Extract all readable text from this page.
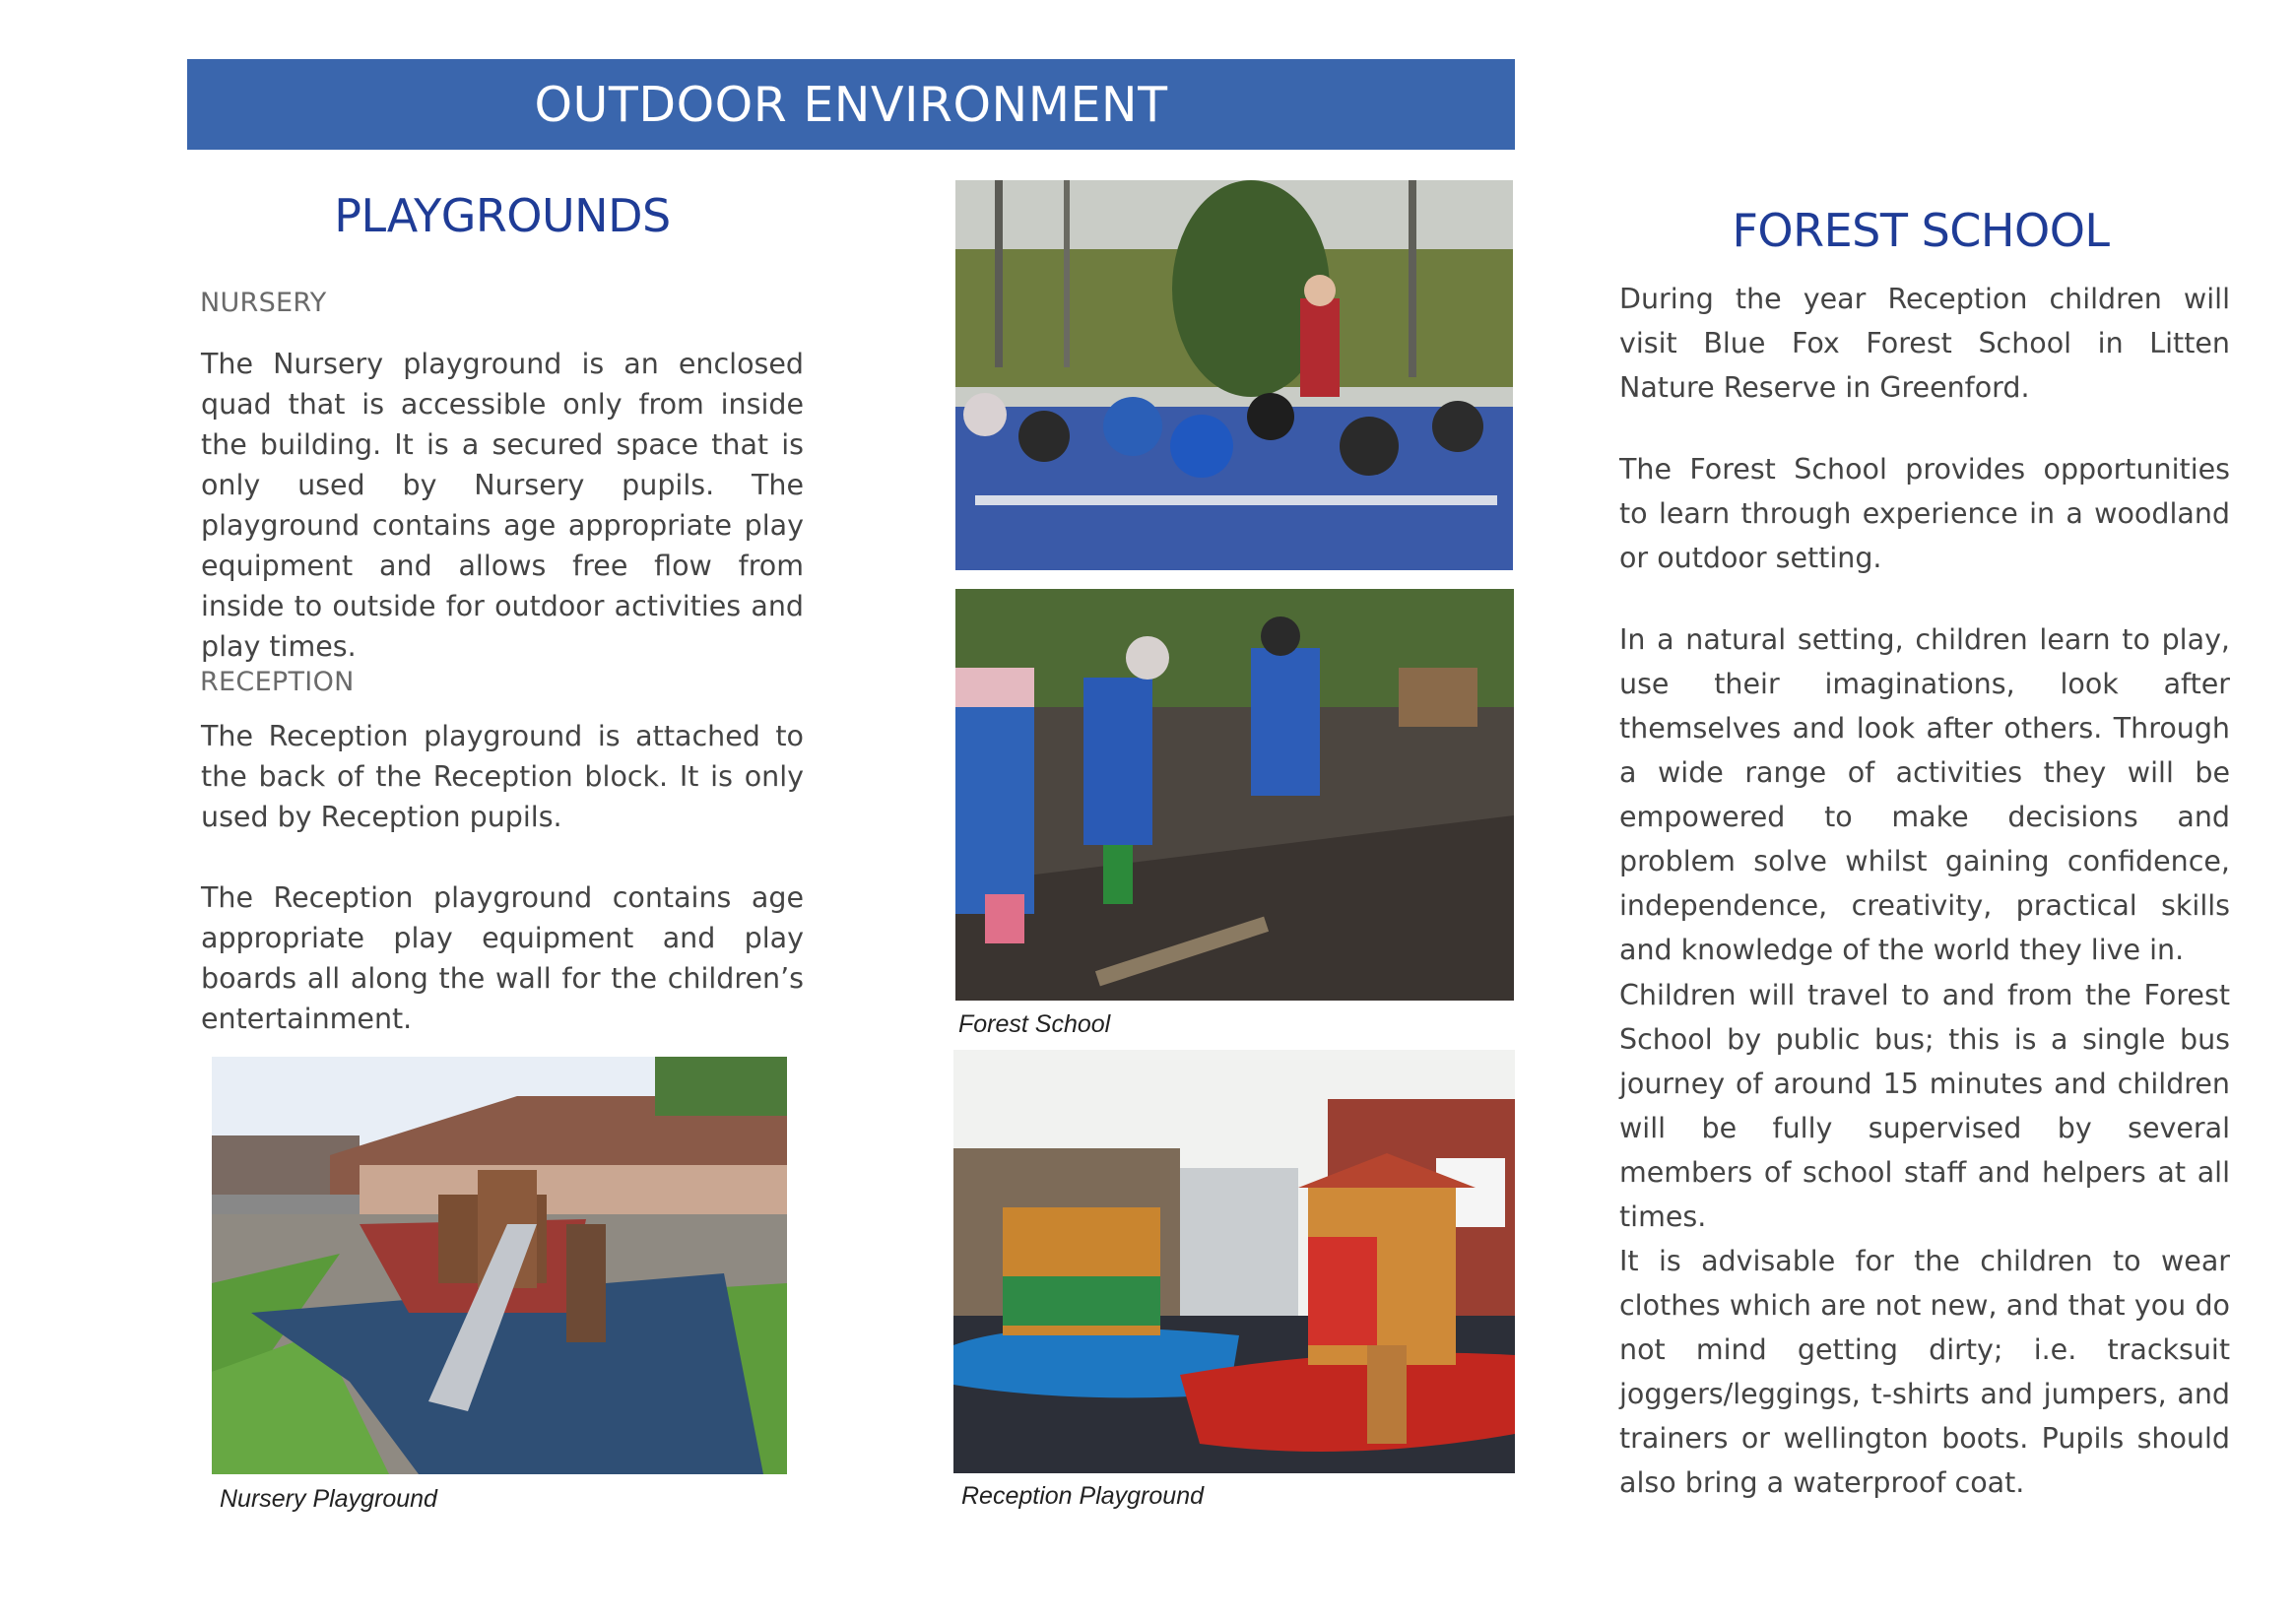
OUTDOOR ENVIRONMENT
PLAYGROUNDS

NURSERY

The Nursery playground is an enclosed quad that is accessible only from inside the building. It is a secured space that is only used by Nursery pupils. The playground contains age appropriate play equipment and allows free flow from inside to outside for outdoor activities and play times.

RECEPTION

The Reception playground is attached to the back of the Reception block. It is only used by Reception pupils.

The Reception playground contains age appropriate play equipment and play boards all along the wall for the children’s entertainment.

Nursery Playground

Forest School

Reception Playground

FOREST SCHOOL

During the year Reception children will visit Blue Fox Forest School in Litten Nature Reserve in Greenford.

The Forest School provides opportunities to learn through experience in a woodland or outdoor setting.

In a natural setting, children learn to play, use their imaginations, look after themselves and look after others. Through a wide range of activities they will be empowered to make decisions and problem solve whilst gaining confidence, independence, creativity, practical skills and knowledge of the world they live in.

Children will travel to and from the Forest School by public bus; this is a single bus journey of around 15 minutes and children will be fully supervised by several members of school staff and helpers at all times.

It is advisable for the children to wear clothes which are not new, and that you do not mind getting dirty; i.e. tracksuit joggers/leggings, t-shirts and jumpers, and trainers or wellington boots. Pupils should also bring a waterproof coat.
